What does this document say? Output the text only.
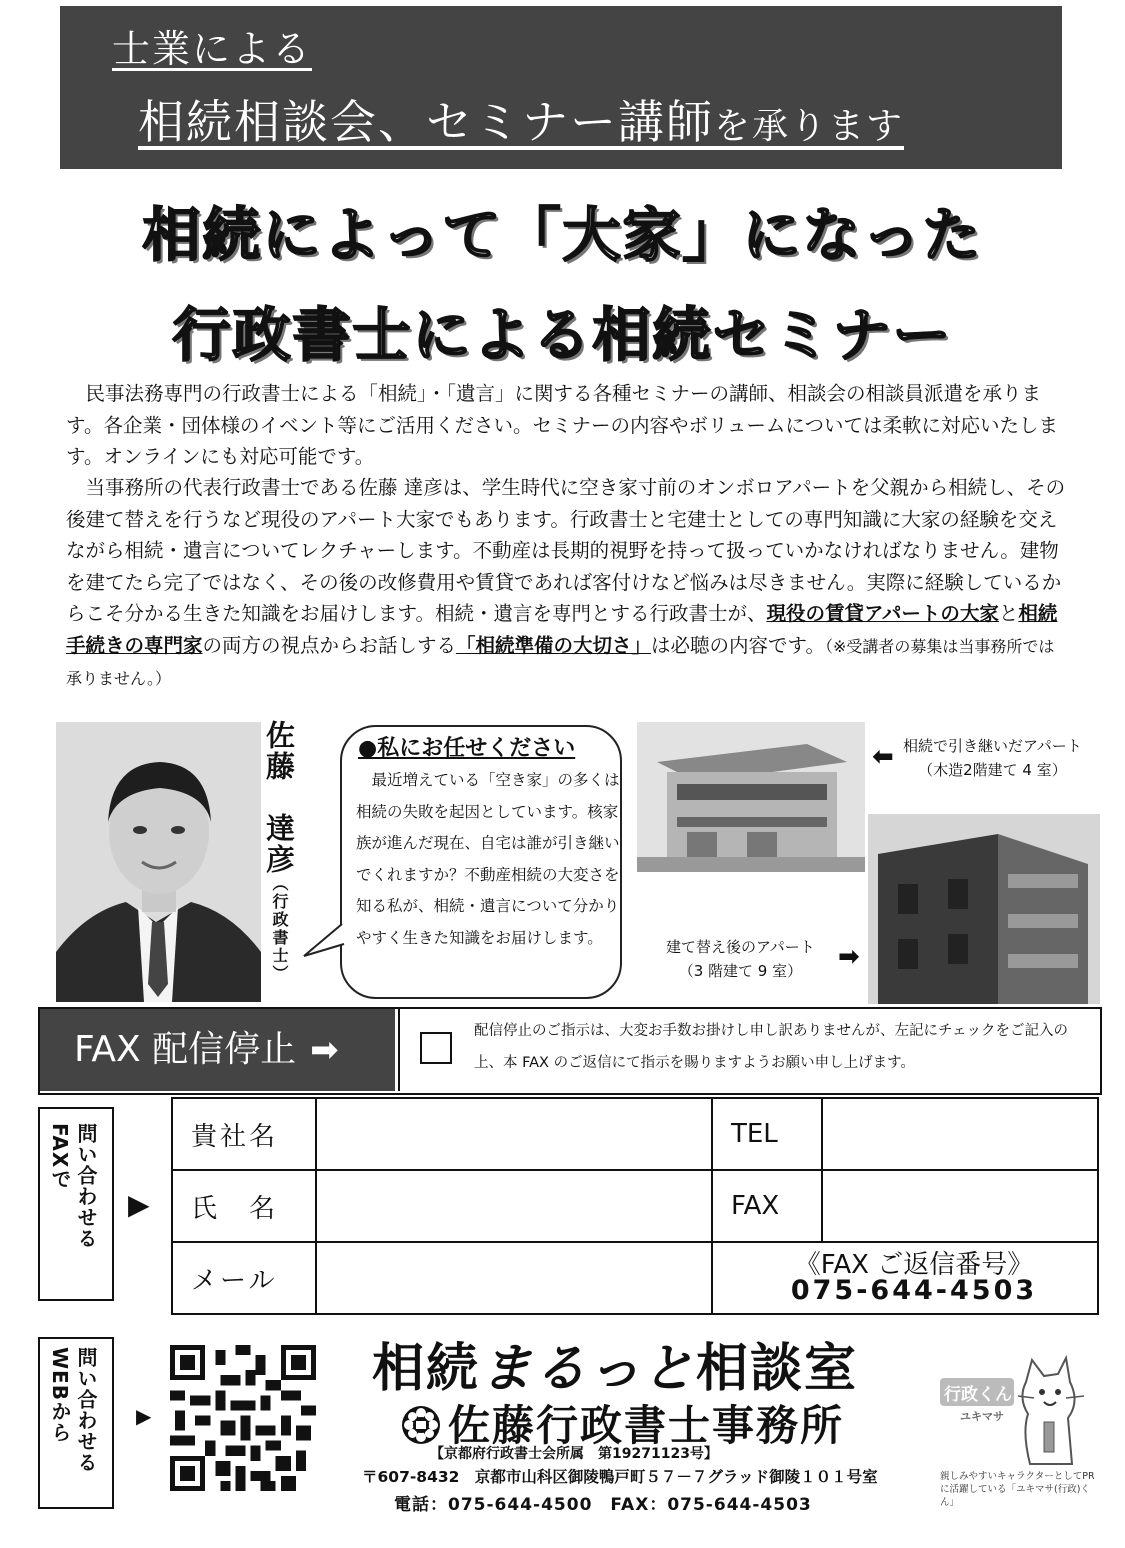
士業による
相続相談会、セミナー講師を承ります
相続によって「大家」になった
行政書士による相続セミナー
　民事法務専門の行政書士による「相続」・「遺言」に関する各種セミナーの講師、相談会の相談員派遣を承ります。各企業・団体様のイベント等にご活用ください。セミナーの内容やボリュームについては柔軟に対応いたします。オンラインにも対応可能です。
　当事務所の代表行政書士である佐藤 達彦は、学生時代に空き家寸前のオンボロアパートを父親から相続し、その後建て替えを行うなど現役のアパート大家でもあります。行政書士と宅建士としての専門知識に大家の経験を交えながら相続・遺言についてレクチャーします。不動産は長期的視野を持って扱っていかなければなりません。建物を建てたら完了ではなく、その後の改修費用や賃貸であれば客付けなど悩みは尽きません。実際に経験しているからこそ分かる生きた知識をお届けします。相続・遺言を専門とする行政書士が、現役の賃貸アパートの大家と相続手続きの専門家の両方の視点からお話しする「相続準備の大切さ」は必聴の内容です。（※受講者の募集は当事務所では承りません。）
佐藤　達彦（行政書士）
●私にお任せください
　最近増えている「空き家」の多くは相続の失敗を起因としています。核家族が進んだ現在、自宅は誰が引き継いでくれますか？不動産相続の大変さを知る私が、相続・遺言について分かりやすく生きた知識をお届けします。
相続で引き継いだアパート
（木造2階建て 4 室）
⬅
建て替え後のアパート
（3 階建て 9 室）	➡
FAX 配信停止 ➡	配信停止のご指示は、大変お手数お掛けし申し訳ありませんが、左記にチェックをご記入の上、本 FAX のご返信にて指示を賜りますようお願い申し上げます。
FAXで 問い合わせる ▶
貴社名		TEL	
氏　名		FAX	
メール		《FAX ご返信番号》
075-644-4503	
WEBから 問い合わせる ▶
相続まるっと相談室
佐藤行政書士事務所
【京都府行政書士会所属　第19271123号】
〒607-8432　京都市山科区御陵鴨戸町５７－７グラッド御陵１０１号室
電話：075-644-4500　FAX：075-644-4503
行政くん
ユキマサ
親しみやすいキャラクターとしてPRに活躍している「ユキマサ(行政)くん」
